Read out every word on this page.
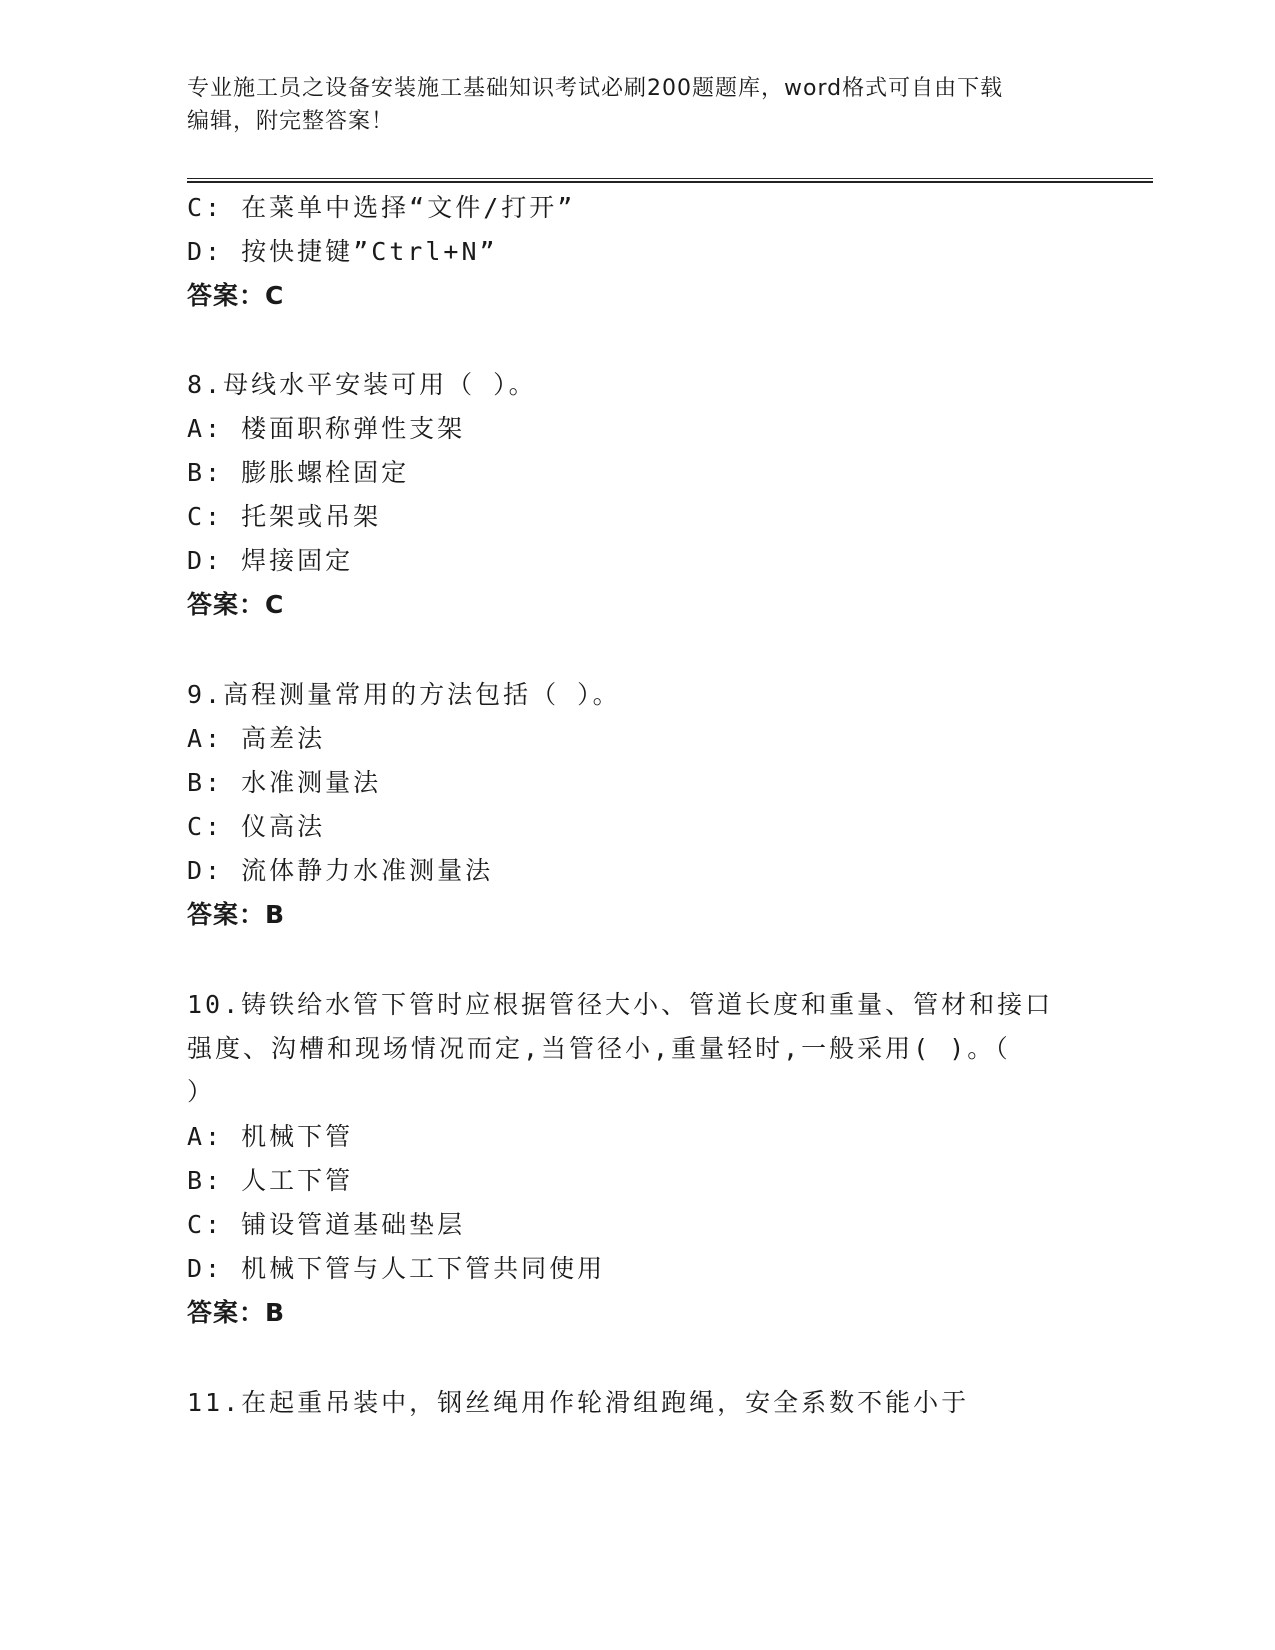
专业施工员之设备安装施工基础知识考试必刷200题题库，word格式可自由下载
编辑，附完整答案！
C: 在菜单中选择“文件/打开”
D: 按快捷键”Ctrl+N”
答案：C
8.母线水平安装可用（ ）。
A: 楼面职称弹性支架
B: 膨胀螺栓固定
C: 托架或吊架
D: 焊接固定
答案：C
9.高程测量常用的方法包括（ ）。
A: 高差法
B: 水准测量法
C: 仪高法
D: 流体静力水准测量法
答案：B
10.铸铁给水管下管时应根据管径大小、管道长度和重量、管材和接口
强度、沟槽和现场情况而定,当管径小,重量轻时,一般采用( )。（
）
A: 机械下管
B: 人工下管
C: 铺设管道基础垫层
D: 机械下管与人工下管共同使用
答案：B
11.在起重吊装中，钢丝绳用作轮滑组跑绳，安全系数不能小于
